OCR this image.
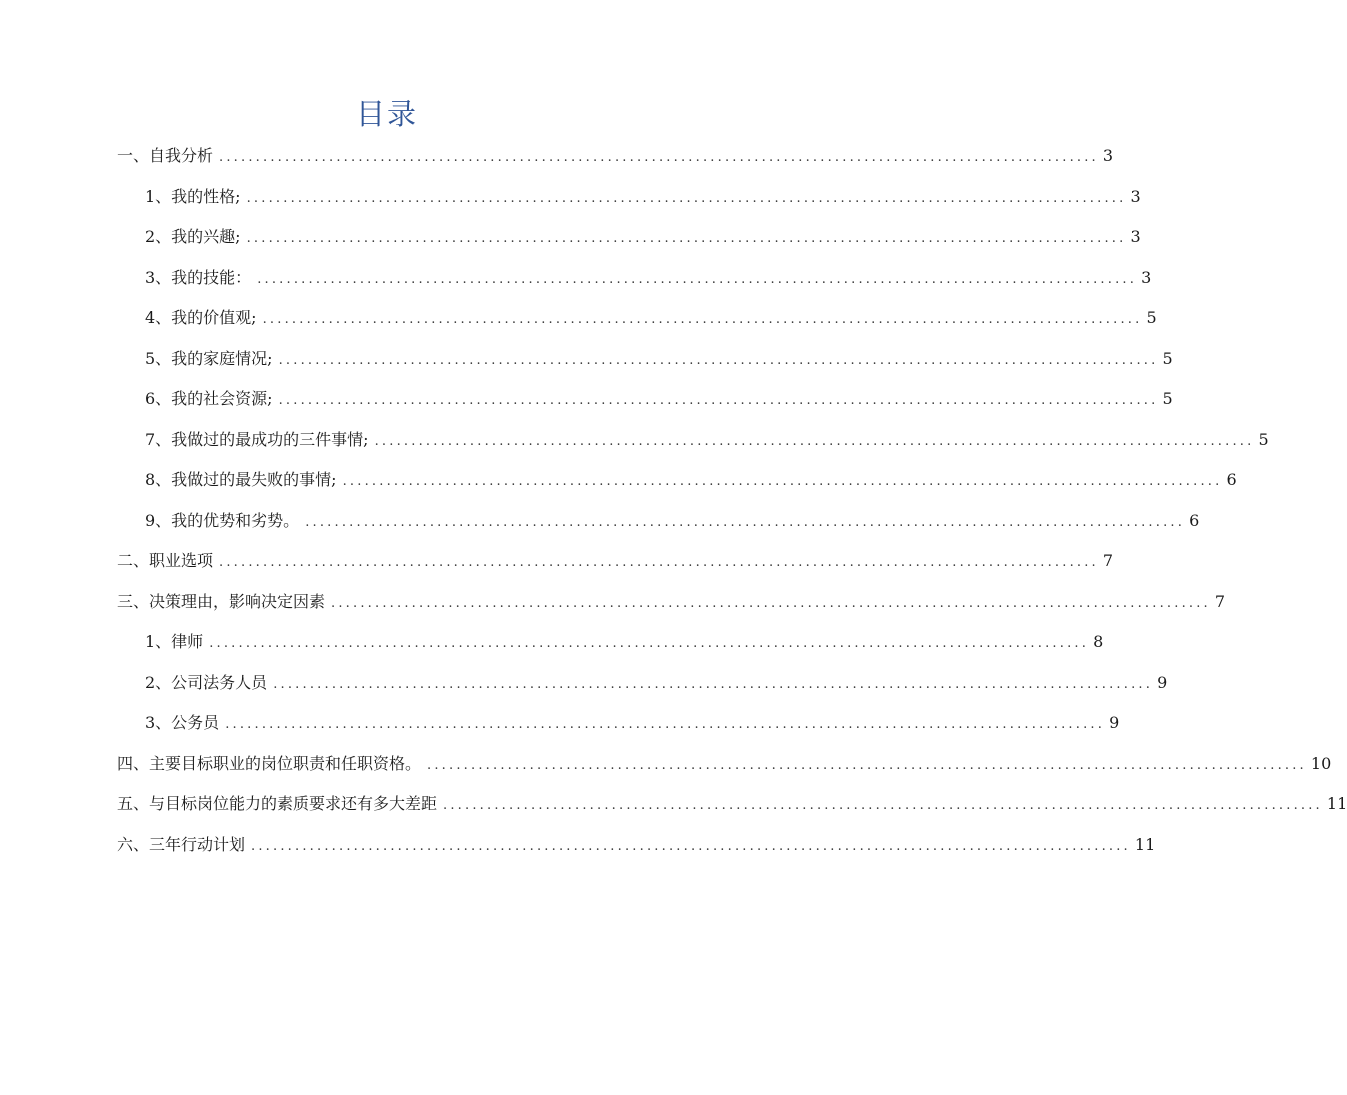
目录
一、自我分析 ........................................................................................................................ 3
1、我的性格; ........................................................................................................................ 3
2、我的兴趣; ........................................................................................................................ 3
3、我的技能： ........................................................................................................................ 3
4、我的价值观; ........................................................................................................................ 5
5、我的家庭情况; ........................................................................................................................ 5
6、我的社会资源; ........................................................................................................................ 5
7、我做过的最成功的三件事情; ........................................................................................................................ 5
8、我做过的最失败的事情; ........................................................................................................................ 6
9、我的优势和劣势。 ........................................................................................................................ 6
二、职业选项 ........................................................................................................................ 7
三、决策理由，影响决定因素 ........................................................................................................................ 7
1、律师 ........................................................................................................................ 8
2、公司法务人员 ........................................................................................................................ 9
3、公务员 ........................................................................................................................ 9
四、主要目标职业的岗位职责和任职资格。 ........................................................................................................................ 10
五、与目标岗位能力的素质要求还有多大差距 ........................................................................................................................ 11
六、三年行动计划 ........................................................................................................................ 11
